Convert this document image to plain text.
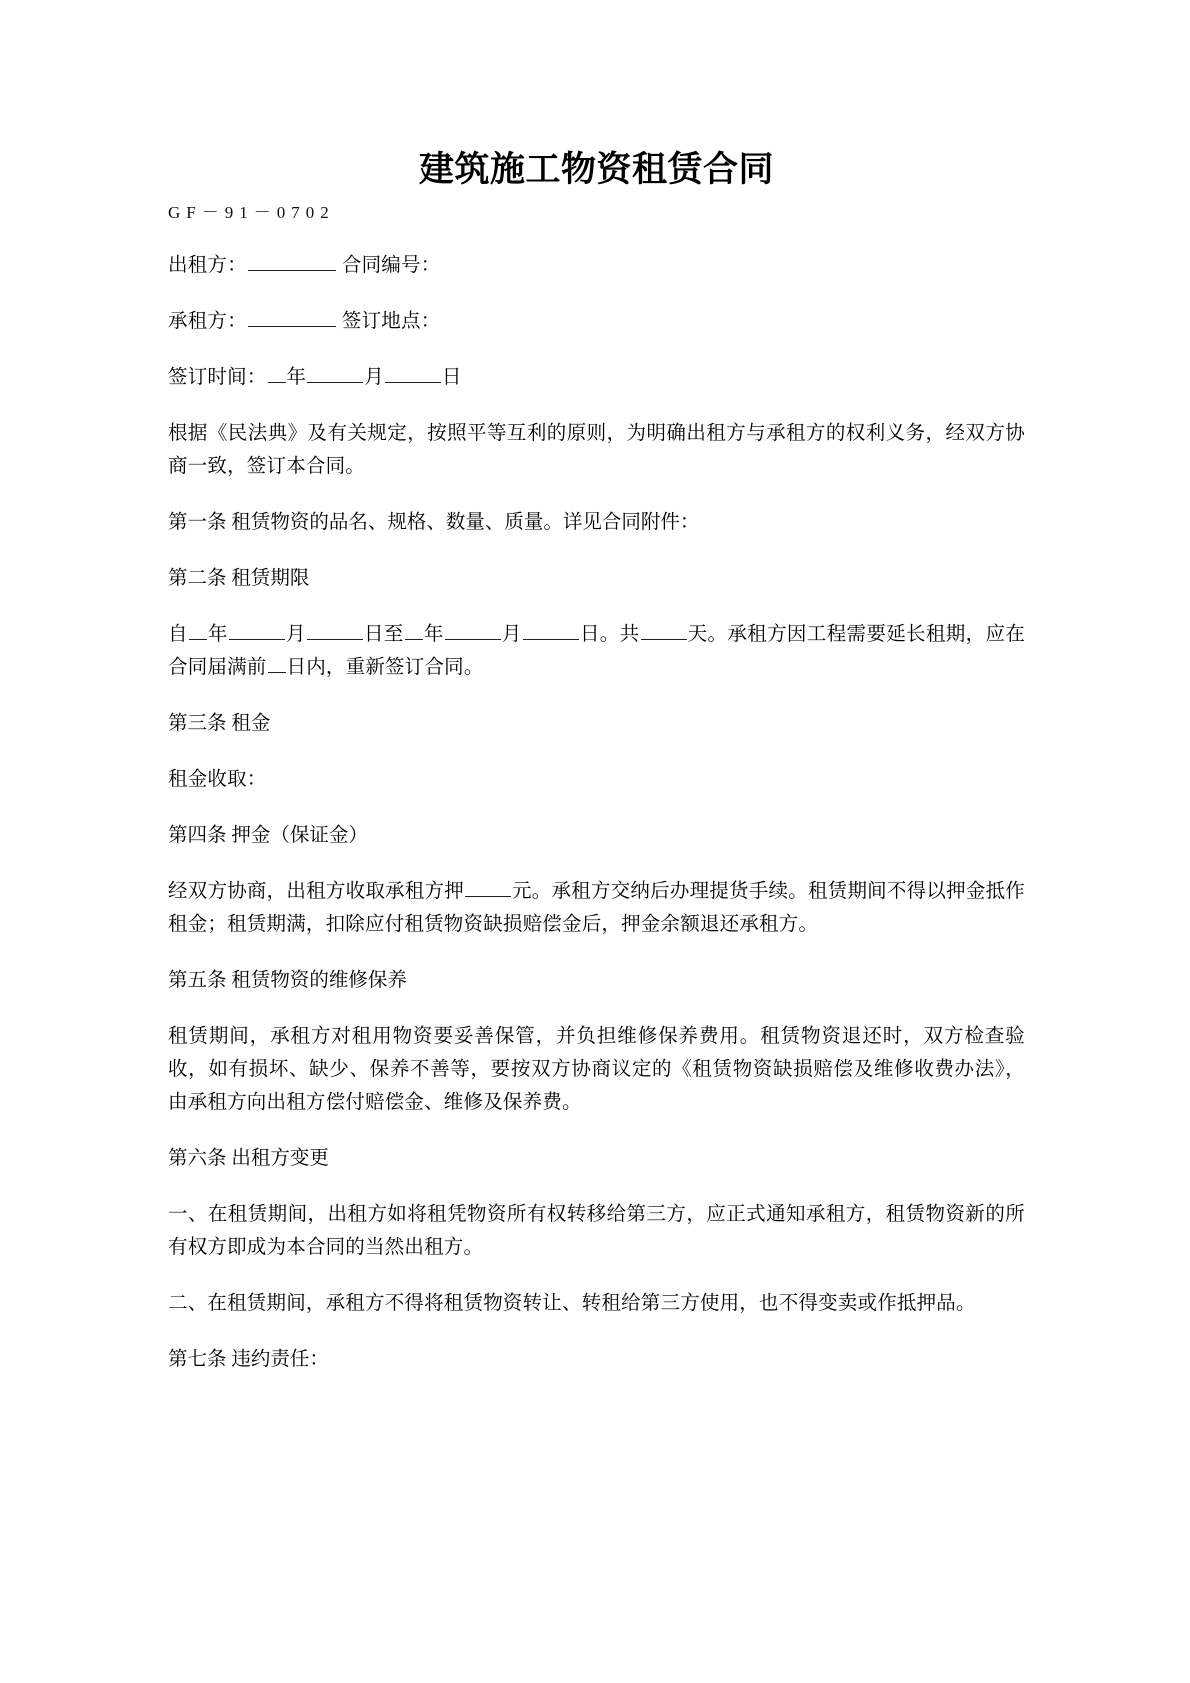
建筑施工物资租赁合同
GF－91－0702

出租方：	合同编号：

承租方：	签订地点：

签订时间： 年	月	日

根据《民法典》及有关规定，按照平等互利的原则，为明确出租方与承租方的权利义务，经双方协商一致，签订本合同。

第一条 租赁物资的品名、规格、数量、质量。详见合同附件：

第二条 租赁期限

自 年	月	日至 年	月	日。共 天。承租方因工程需要延长租期，应在合同届满前 日内，重新签订合同。

第三条 租金

租金收取：

第四条 押金（保证金）

经双方协商，出租方收取承租方押 元。承租方交纳后办理提货手续。租赁期间不得以押金抵作租金；租赁期满，扣除应付租赁物资缺损赔偿金后，押金余额退还承租方。

第五条 租赁物资的维修保养

租赁期间，承租方对租用物资要妥善保管，并负担维修保养费用。租赁物资退还时，双方检查验收，如有损坏、缺少、保养不善等，要按双方协商议定的《租赁物资缺损赔偿及维修收费办法》，由承租方向出租方偿付赔偿金、维修及保养费。

第六条 出租方变更

一、在租赁期间，出租方如将租凭物资所有权转移给第三方，应正式通知承租方，租赁物资新的所有权方即成为本合同的当然出租方。

二、在租赁期间，承租方不得将租赁物资转让、转租给第三方使用，也不得变卖或作抵押品。

第七条 违约责任：
